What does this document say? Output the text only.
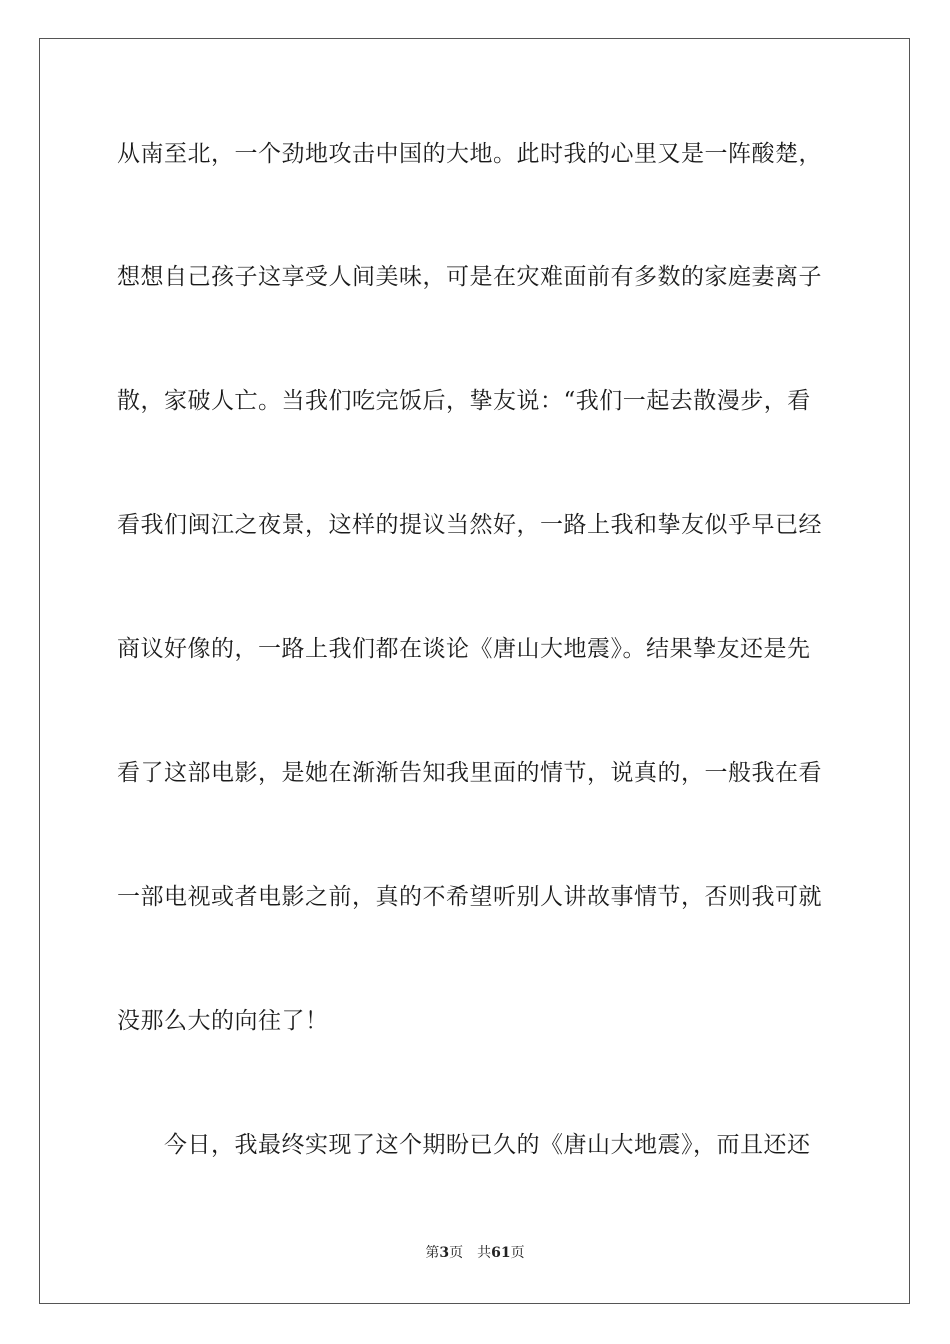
从南至北，一个劲地攻击中国的大地。此时我的心里又是一阵酸楚，
想想自己孩子这享受人间美味，可是在灾难面前有多数的家庭妻离子
散，家破人亡。当我们吃完饭后，挚友说：“我们一起去散漫步，看
看我们闽江之夜景，这样的提议当然好，一路上我和挚友似乎早已经
商议好像的，一路上我们都在谈论《唐山大地震》。结果挚友还是先
看了这部电影，是她在渐渐告知我里面的情节，说真的，一般我在看
一部电视或者电影之前，真的不希望听别人讲故事情节，否则我可就
没那么大的向往了！
今日，我最终实现了这个期盼已久的《唐山大地震》，而且还还
第3页 共61页
